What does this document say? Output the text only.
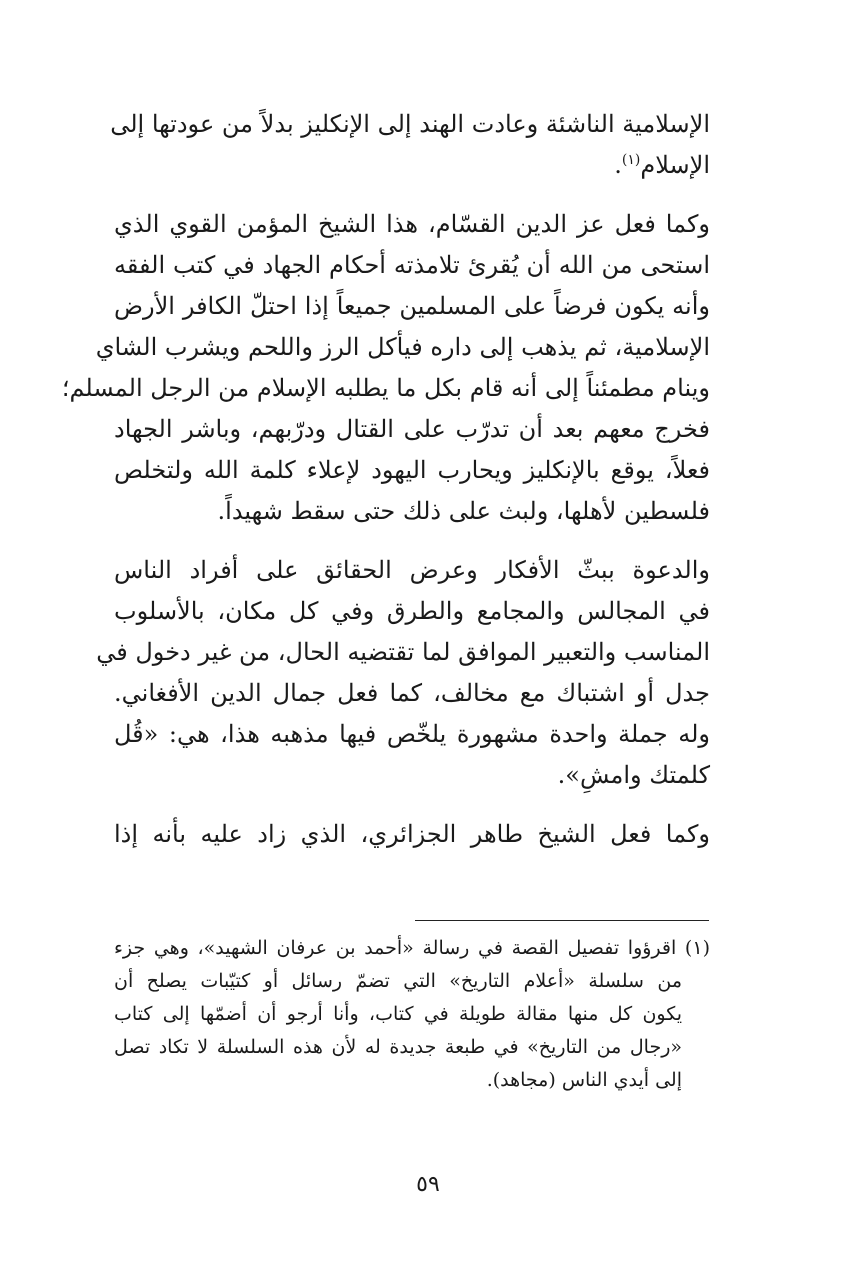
الإسلامية الناشئة وعادت الهند إلى الإنكليز بدلاً من عودتها إلى
الإسلام$^{(١)}$.
وكما فعل عز الدين القسّام، هذا الشيخ المؤمن القوي الذي
استحى من الله أن يُقرئ تلامذته أحكام الجهاد في كتب الفقه
وأنه يكون فرضاً على المسلمين جميعاً إذا احتلّ الكافر الأرض
الإسلامية، ثم يذهب إلى داره فيأكل الرز واللحم ويشرب الشاي
وينام مطمئناً إلى أنه قام بكل ما يطلبه الإسلام من الرجل المسلم؛
فخرج معهم بعد أن تدرّب على القتال ودرّبهم، وباشر الجهاد
فعلاً، يوقع بالإنكليز ويحارب اليهود لإعلاء كلمة الله ولتخلص
فلسطين لأهلها، ولبث على ذلك حتى سقط شهيداً.
والدعوة ببثّ الأفكار وعرض الحقائق على أفراد الناس
في المجالس والمجامع والطرق وفي كل مكان، بالأسلوب
المناسب والتعبير الموافق لما تقتضيه الحال، من غير دخول في
جدل أو اشتباك مع مخالف، كما فعل جمال الدين الأفغاني.
وله جملة واحدة مشهورة يلخّص فيها مذهبه هذا، هي: «قُل
كلمتك وامشِ».
وكما فعل الشيخ طاهر الجزائري، الذي زاد عليه بأنه إذا
(١) اقرؤوا تفصيل القصة في رسالة «أحمد بن عرفان الشهيد»، وهي جزء
من سلسلة «أعلام التاريخ» التي تضمّ رسائل أو كتيّبات يصلح أن
يكون كل منها مقالة طويلة في كتاب، وأنا أرجو أن أضمّها إلى كتاب
«رجال من التاريخ» في طبعة جديدة له لأن هذه السلسلة لا تكاد تصل
إلى أيدي الناس (مجاهد).
٥٩
